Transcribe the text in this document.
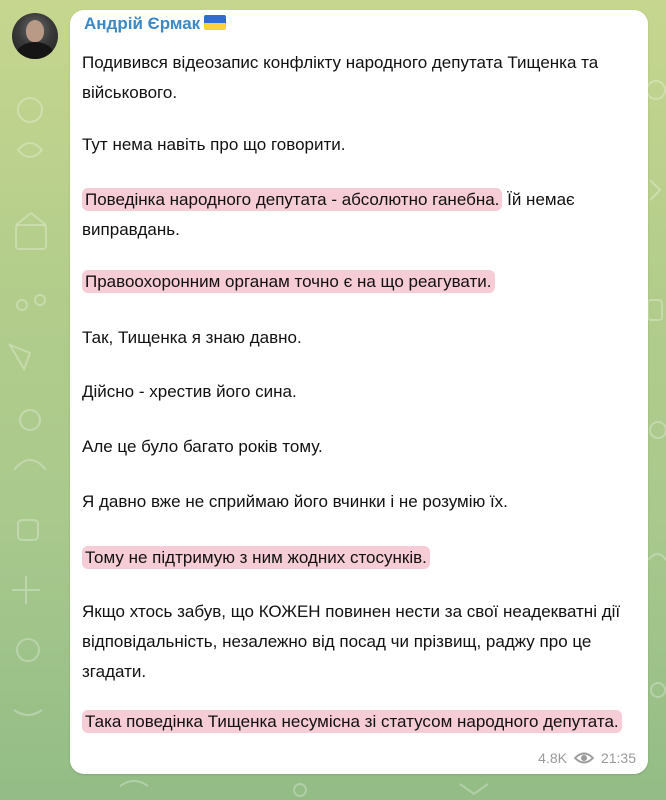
Андрій Єрмак

Подивився відеозапис конфлікту народного депутата Тищенка та військового.

Тут нема навіть про що говорити.

Поведінка народного депутата - абсолютно ганебна. Їй немає виправдань.

Правоохоронним органам точно є на що реагувати.

Так, Тищенка я знаю давно.

Дійсно - хрестив його сина.

Але це було багато років тому.

Я давно вже не сприймаю його вчинки і не розумію їх.

Тому не підтримую з ним жодних стосунків.

Якщо хтось забув, що КОЖЕН повинен нести за свої неадекватні дії відповідальність, незалежно від посад чи прізвищ, раджу про це згадати.

Така поведінка Тищенка несумісна зі статусом народного депутата.

4.8K 21:35
